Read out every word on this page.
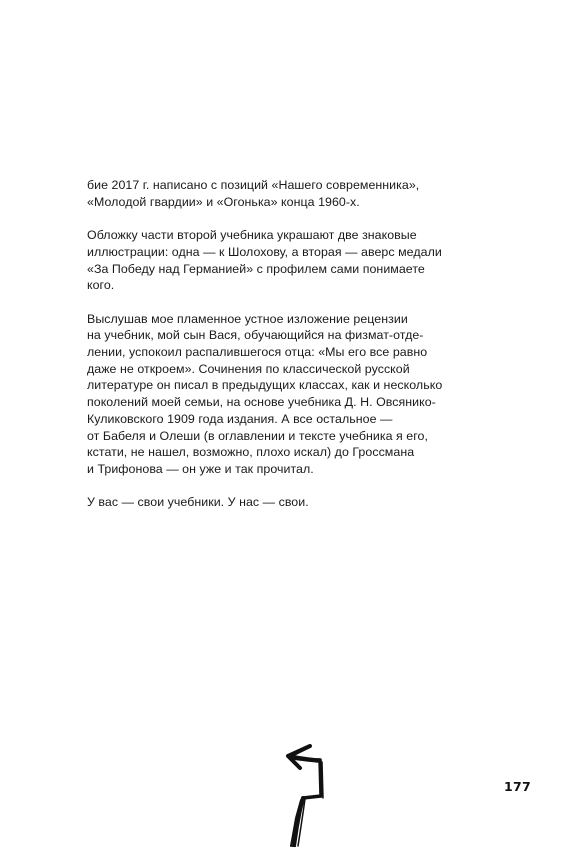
бие 2017 г. написано с позиций «Нашего современника»,
«Молодой гвардии» и «Огонька» конца 1960-х.

Обложку части второй учебника украшают две знаковые
иллюстрации: одна — к Шолохову, а вторая — аверс медали
«За Победу над Германией» с профилем сами понимаете
кого.

Выслушав мое пламенное устное изложение рецензии
на учебник, мой сын Вася, обучающийся на физмат-отде-
лении, успокоил распалившегося отца: «Мы его все равно
даже не откроем». Сочинения по классической русской
литературе он писал в предыдущих классах, как и несколько
поколений моей семьи, на основе учебника Д. Н. Овсянико-
Куликовского 1909 года издания. А все остальное —
от Бабеля и Олеши (в оглавлении и тексте учебника я его,
кстати, не нашел, возможно, плохо искал) до Гроссмана
и Трифонова — он уже и так прочитал.

У вас — свои учебники. У нас — свои.

177
